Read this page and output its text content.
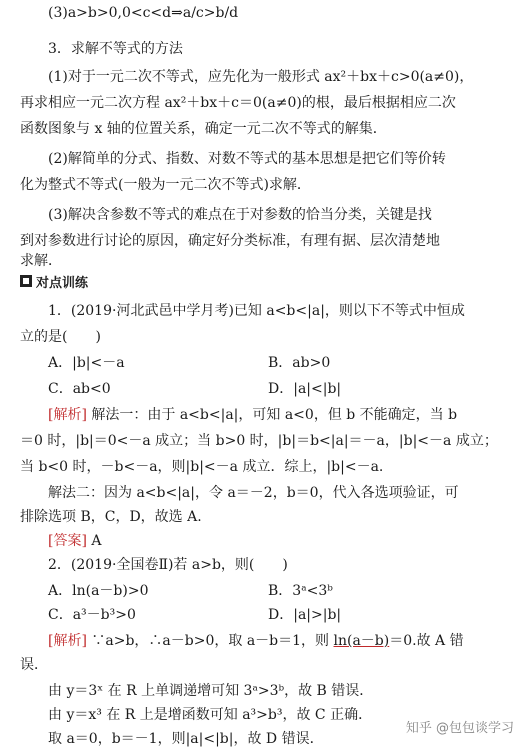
(3)a>b>0,0<c<d⇒a/c>b/d
3．求解不等式的方法
(1)对于一元二次不等式，应先化为一般形式 ax²＋bx＋c>0(a≠0)，
再求相应一元二次方程 ax²＋bx＋c＝0(a≠0)的根，最后根据相应二次
函数图象与 x 轴的位置关系，确定一元二次不等式的解集．
(2)解简单的分式、指数、对数不等式的基本思想是把它们等价转
化为整式不等式(一般为一元二次不等式)求解．
(3)解决含参数不等式的难点在于对参数的恰当分类，关键是找
到对参数进行讨论的原因，确定好分类标准，有理有据、层次清楚地
求解．
对点训练
1．(2019·河北武邑中学月考)已知 a<b<|a|，则以下不等式中恒成
立的是(　　)
A．|b|<－a	B．ab>0
C．ab<0	D．|a|<|b|
[解析] 解法一：由于 a<b<|a|，可知 a<0，但 b 不能确定，当 b
＝0 时，|b|＝0<－a 成立；当 b>0 时，|b|＝b<|a|＝－a，|b|<－a 成立；
当 b<0 时，－b<－a，则|b|<－a 成立．综上，|b|<－a.
解法二：因为 a<b<|a|，令 a＝－2，b＝0，代入各选项验证，可
排除选项 B，C，D，故选 A.
[答案] A
2．(2019·全国卷Ⅱ)若 a>b，则(　　)
A．ln(a－b)>0	B．3ᵃ<3ᵇ
C．a³－b³>0	D．|a|>|b|
[解析] ∵a>b，∴a－b>0，取 a－b＝1，则 ln(a－b)＝0.故 A 错
误．
由 y＝3ˣ 在 R 上单调递增可知 3ᵃ>3ᵇ，故 B 错误．
由 y＝x³ 在 R 上是增函数可知 a³>b³，故 C 正确．
取 a＝0，b＝－1，则|a|<|b|，故 D 错误．
知乎 @包包谈学习
